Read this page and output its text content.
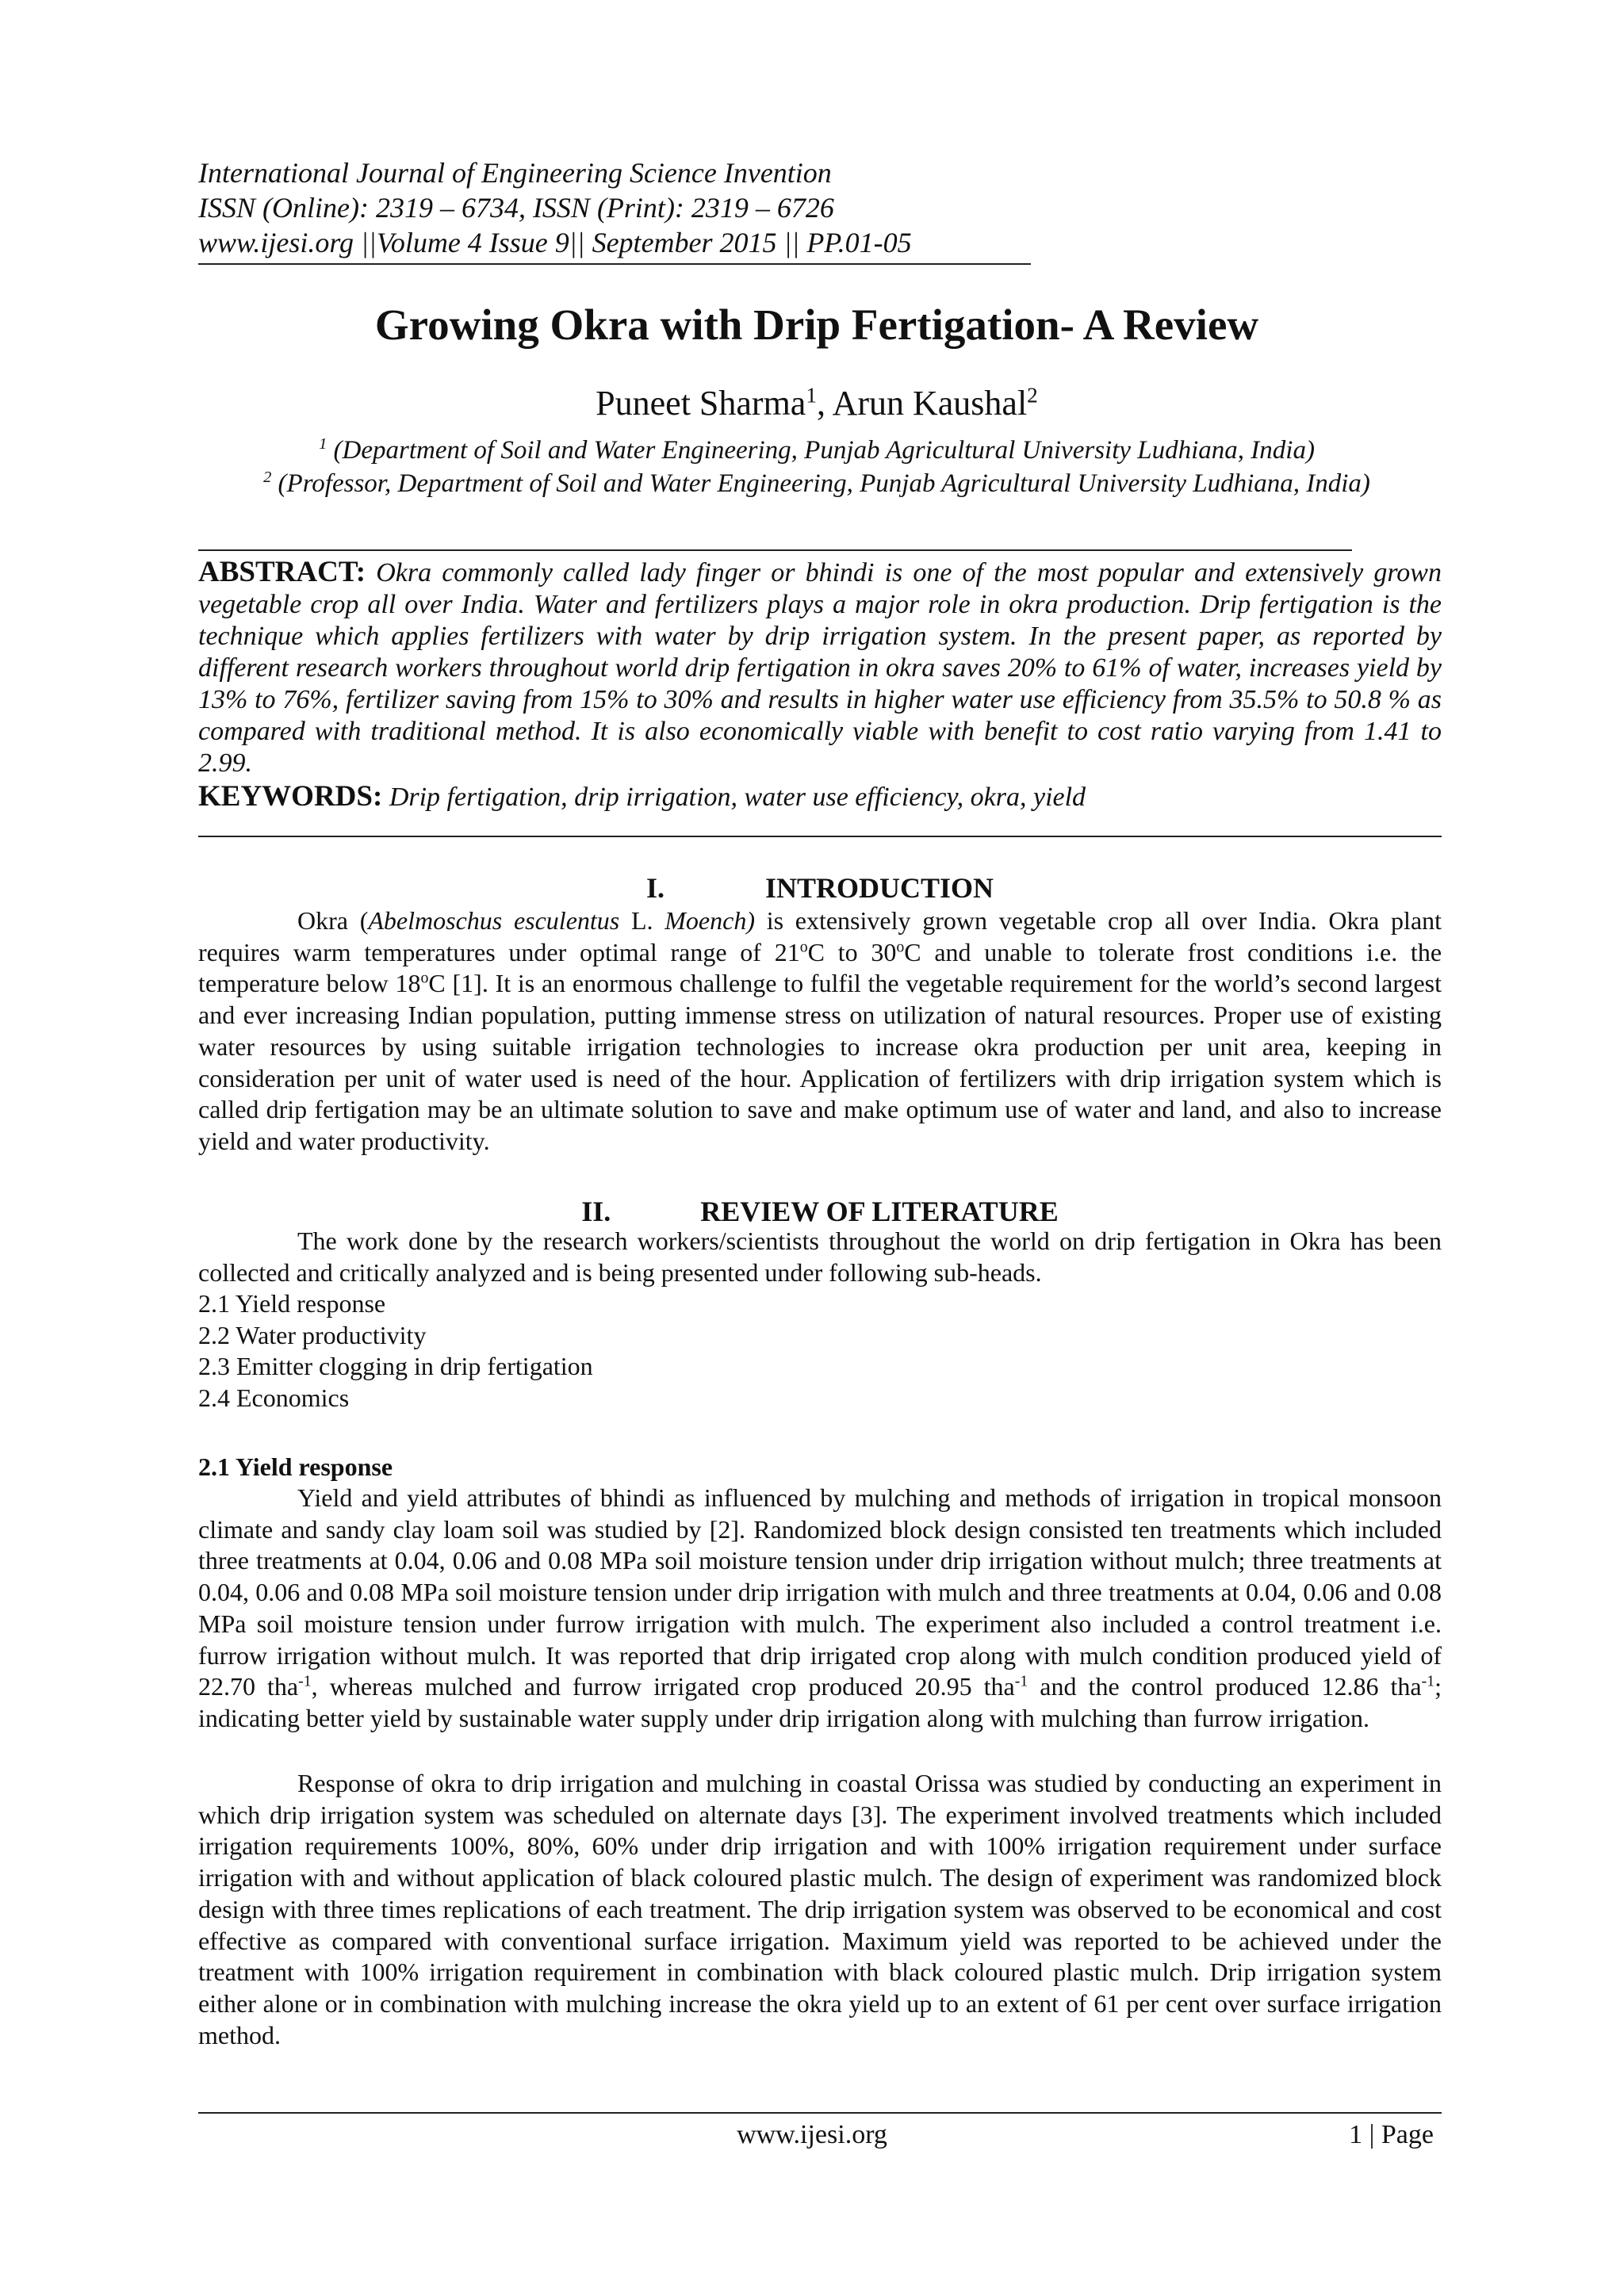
International Journal of Engineering Science Invention
ISSN (Online): 2319 – 6734, ISSN (Print): 2319 – 6726
www.ijesi.org ||Volume 4 Issue 9|| September 2015 || PP.01-05
Growing Okra with Drip Fertigation- A Review
Puneet Sharma$^1$, Arun Kaushal$^2$
$^1$ (Department of Soil and Water Engineering, Punjab Agricultural University Ludhiana, India)
$^2$ (Professor, Department of Soil and Water Engineering, Punjab Agricultural University Ludhiana, India)
ABSTRACT: Okra commonly called lady finger or bhindi is one of the most popular and extensively grown vegetable crop all over India. Water and fertilizers plays a major role in okra production. Drip fertigation is the technique which applies fertilizers with water by drip irrigation system. In the present paper, as reported by different research workers throughout world drip fertigation in okra saves 20% to 61% of water, increases yield by 13% to 76%, fertilizer saving from 15% to 30% and results in higher water use efficiency from 35.5% to 50.8 % as compared with traditional method. It is also economically viable with benefit to cost ratio varying from 1.41 to 2.99.
KEYWORDS: Drip fertigation, drip irrigation, water use efficiency, okra, yield
I.	INTRODUCTION
Okra (Abelmoschus esculentus L. Moench) is extensively grown vegetable crop all over India. Okra plant requires warm temperatures under optimal range of 21$^o$C to 30$^o$C and unable to tolerate frost conditions i.e. the temperature below 18$^o$C [1]. It is an enormous challenge to fulfil the vegetable requirement for the world’s second largest and ever increasing Indian population, putting immense stress on utilization of natural resources. Proper use of existing water resources by using suitable irrigation technologies to increase okra production per unit area, keeping in consideration per unit of water used is need of the hour. Application of fertilizers with drip irrigation system which is called drip fertigation may be an ultimate solution to save and make optimum use of water and land, and also to increase yield and water productivity.
II.	REVIEW OF LITERATURE
The work done by the research workers/scientists throughout the world on drip fertigation in Okra has been collected and critically analyzed and is being presented under following sub-heads.
2.1 Yield response
2.2 Water productivity
2.3 Emitter clogging in drip fertigation
2.4 Economics
2.1 Yield response
Yield and yield attributes of bhindi as influenced by mulching and methods of irrigation in tropical monsoon climate and sandy clay loam soil was studied by [2]. Randomized block design consisted ten treatments which included three treatments at 0.04, 0.06 and 0.08 MPa soil moisture tension under drip irrigation without mulch; three treatments at 0.04, 0.06 and 0.08 MPa soil moisture tension under drip irrigation with mulch and three treatments at 0.04, 0.06 and 0.08 MPa soil moisture tension under furrow irrigation with mulch. The experiment also included a control treatment i.e. furrow irrigation without mulch. It was reported that drip irrigated crop along with mulch condition produced yield of 22.70 tha$^{-1}$, whereas mulched and furrow irrigated crop produced 20.95 tha$^{-1}$ and the control produced 12.86 tha$^{-1}$; indicating better yield by sustainable water supply under drip irrigation along with mulching than furrow irrigation.
Response of okra to drip irrigation and mulching in coastal Orissa was studied by conducting an experiment in which drip irrigation system was scheduled on alternate days [3]. The experiment involved treatments which included irrigation requirements 100%, 80%, 60% under drip irrigation and with 100% irrigation requirement under surface irrigation with and without application of black coloured plastic mulch. The design of experiment was randomized block design with three times replications of each treatment. The drip irrigation system was observed to be economical and cost effective as compared with conventional surface irrigation. Maximum yield was reported to be achieved under the treatment with 100% irrigation requirement in combination with black coloured plastic mulch. Drip irrigation system either alone or in combination with mulching increase the okra yield up to an extent of 61 per cent over surface irrigation method.
www.ijesi.org	1 | Page
